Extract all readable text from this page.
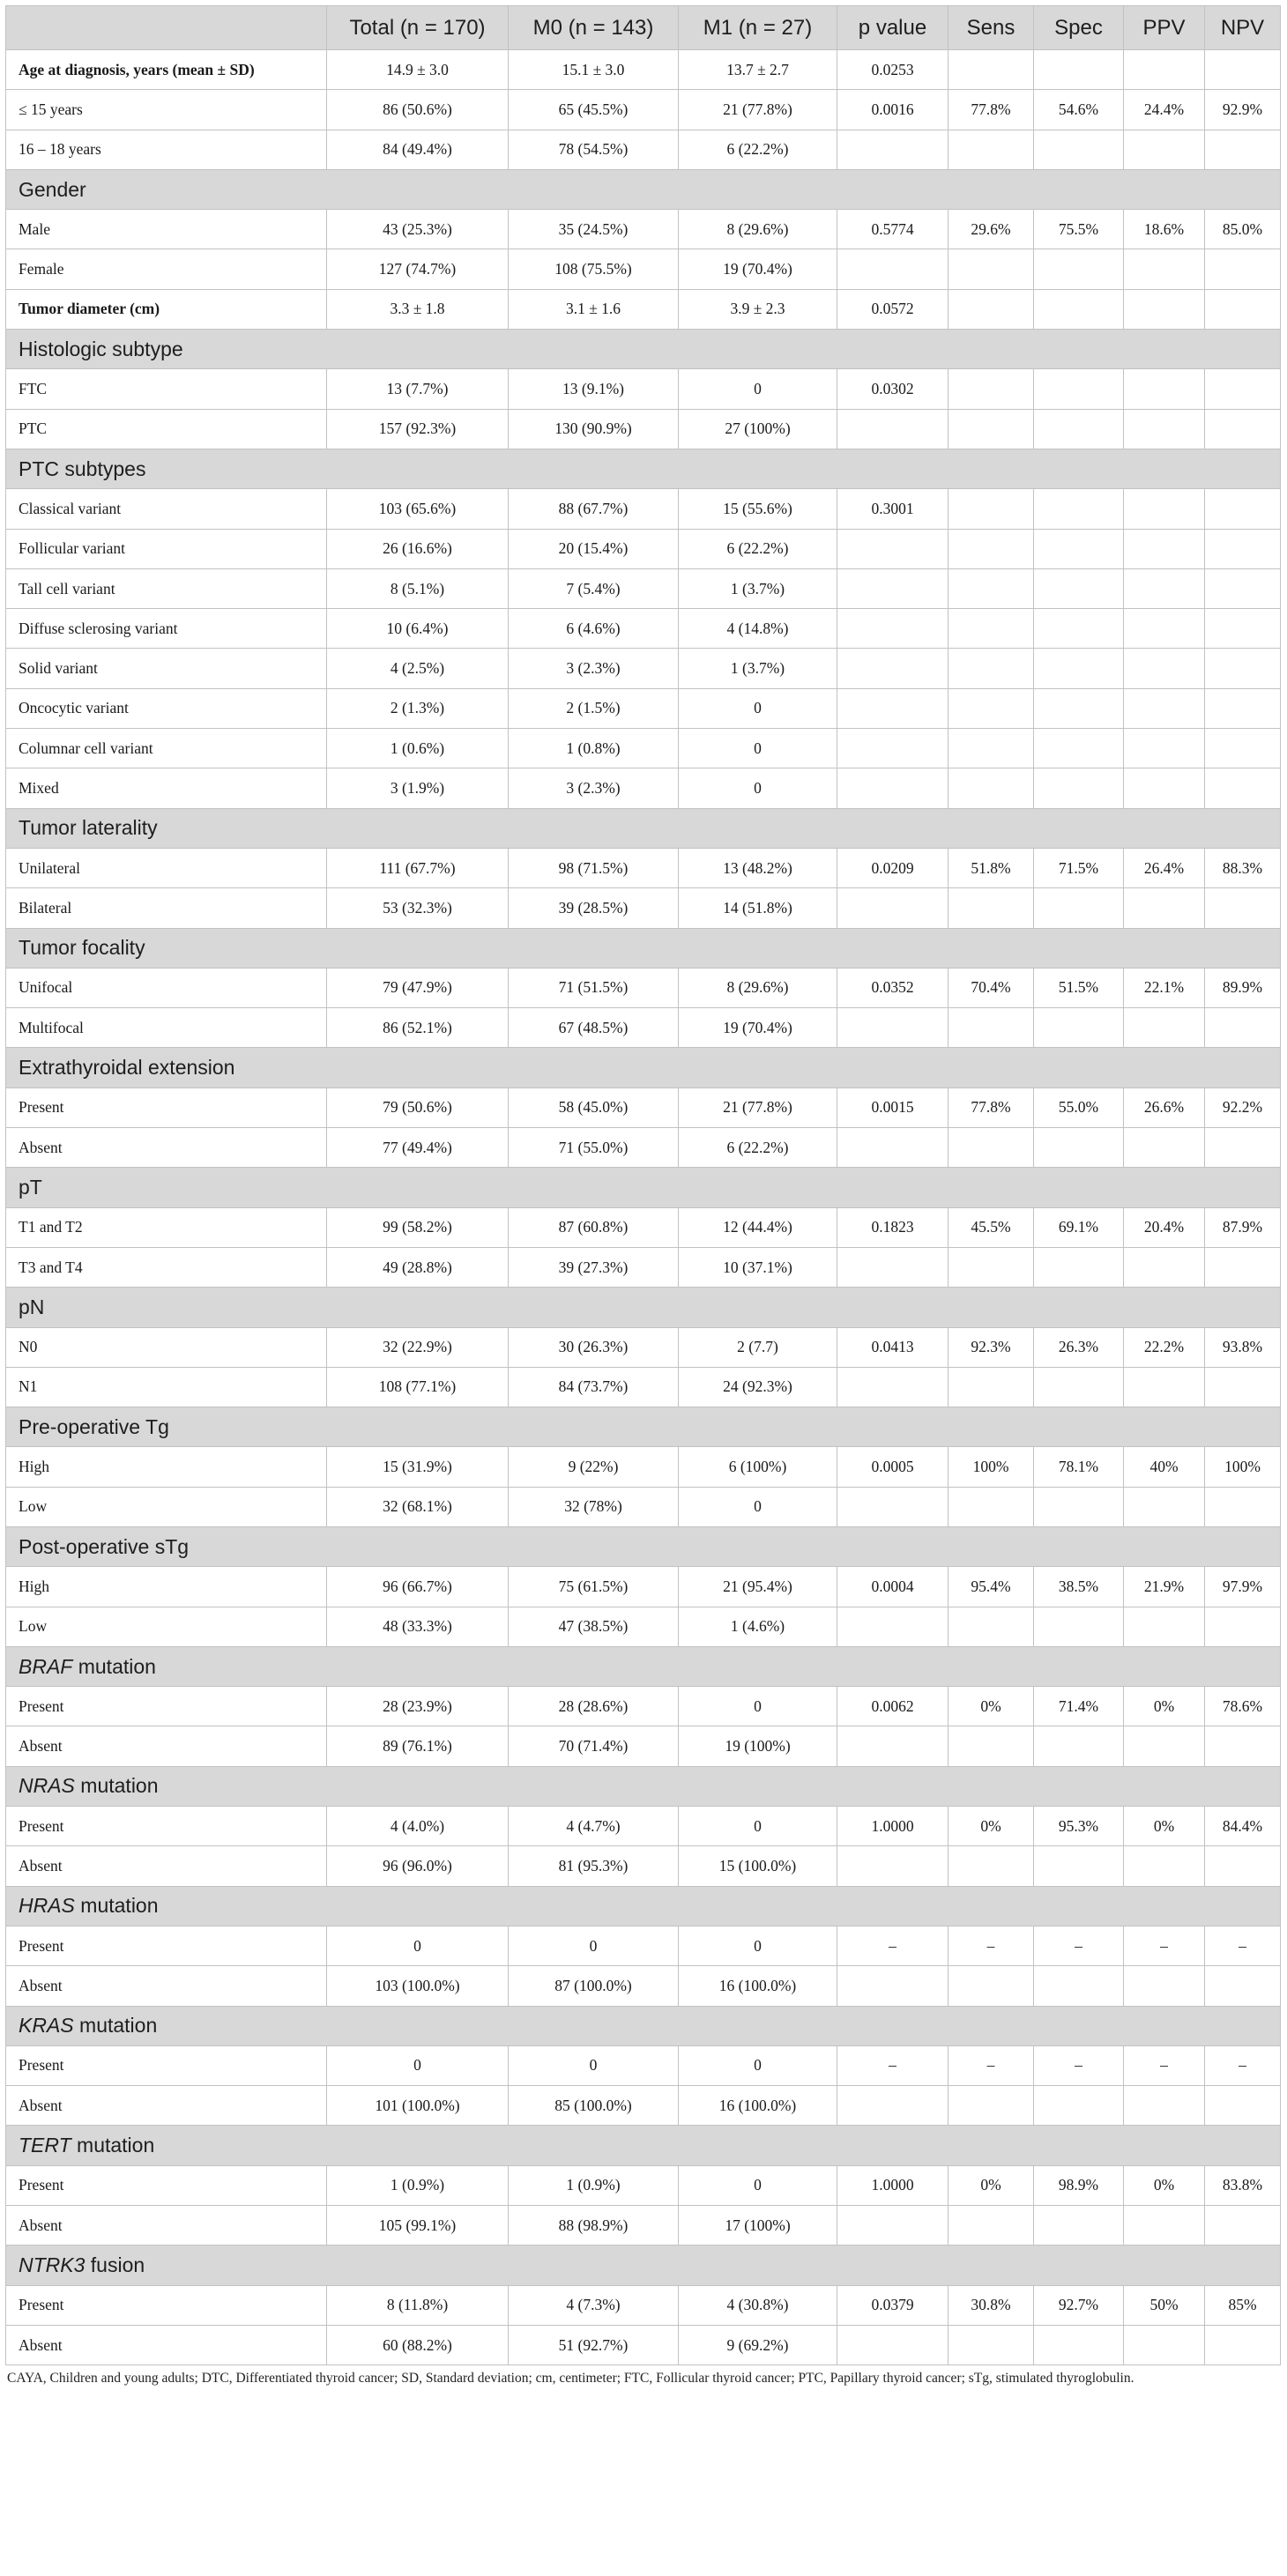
	Total (n = 170)	M0 (n = 143)	M1 (n = 27)	p value	Sens	Spec	PPV	NPV
Age at diagnosis, years (mean ± SD)	14.9 ± 3.0	15.1 ± 3.0	13.7 ± 2.7	0.0253				
≤ 15 years	86 (50.6%)	65 (45.5%)	21 (77.8%)	0.0016	77.8%	54.6%	24.4%	92.9%
16 – 18 years	84 (49.4%)	78 (54.5%)	6 (22.2%)					
Gender								
Male	43 (25.3%)	35 (24.5%)	8 (29.6%)	0.5774	29.6%	75.5%	18.6%	85.0%
Female	127 (74.7%)	108 (75.5%)	19 (70.4%)					
Tumor diameter (cm)	3.3 ± 1.8	3.1 ± 1.6	3.9 ± 2.3	0.0572				
Histologic subtype								
FTC	13 (7.7%)	13 (9.1%)	0	0.0302				
PTC	157 (92.3%)	130 (90.9%)	27 (100%)					
PTC subtypes								
Classical variant	103 (65.6%)	88 (67.7%)	15 (55.6%)	0.3001				
Follicular variant	26 (16.6%)	20 (15.4%)	6 (22.2%)					
Tall cell variant	8 (5.1%)	7 (5.4%)	1 (3.7%)					
Diffuse sclerosing variant	10 (6.4%)	6 (4.6%)	4 (14.8%)					
Solid variant	4 (2.5%)	3 (2.3%)	1 (3.7%)					
Oncocytic variant	2 (1.3%)	2 (1.5%)	0					
Columnar cell variant	1 (0.6%)	1 (0.8%)	0					
Mixed	3 (1.9%)	3 (2.3%)	0					
Tumor laterality								
Unilateral	111 (67.7%)	98 (71.5%)	13 (48.2%)	0.0209	51.8%	71.5%	26.4%	88.3%
Bilateral	53 (32.3%)	39 (28.5%)	14 (51.8%)					
Tumor focality								
Unifocal	79 (47.9%)	71 (51.5%)	8 (29.6%)	0.0352	70.4%	51.5%	22.1%	89.9%
Multifocal	86 (52.1%)	67 (48.5%)	19 (70.4%)					
Extrathyroidal extension								
Present	79 (50.6%)	58 (45.0%)	21 (77.8%)	0.0015	77.8%	55.0%	26.6%	92.2%
Absent	77 (49.4%)	71 (55.0%)	6 (22.2%)					
pT								
T1 and T2	99 (58.2%)	87 (60.8%)	12 (44.4%)	0.1823	45.5%	69.1%	20.4%	87.9%
T3 and T4	49 (28.8%)	39 (27.3%)	10 (37.1%)					
pN								
N0	32 (22.9%)	30 (26.3%)	2 (7.7)	0.0413	92.3%	26.3%	22.2%	93.8%
N1	108 (77.1%)	84 (73.7%)	24 (92.3%)					
Pre-operative Tg								
High	15 (31.9%)	9 (22%)	6 (100%)	0.0005	100%	78.1%	40%	100%
Low	32 (68.1%)	32 (78%)	0					
Post-operative sTg								
High	96 (66.7%)	75 (61.5%)	21 (95.4%)	0.0004	95.4%	38.5%	21.9%	97.9%
Low	48 (33.3%)	47 (38.5%)	1 (4.6%)					
BRAF mutation								
Present	28 (23.9%)	28 (28.6%)	0	0.0062	0%	71.4%	0%	78.6%
Absent	89 (76.1%)	70 (71.4%)	19 (100%)					
NRAS mutation								
Present	4 (4.0%)	4 (4.7%)	0	1.0000	0%	95.3%	0%	84.4%
Absent	96 (96.0%)	81 (95.3%)	15 (100.0%)					
HRAS mutation								
Present	0	0	0	–	–	–	–	–
Absent	103 (100.0%)	87 (100.0%)	16 (100.0%)					
KRAS mutation								
Present	0	0	0	–	–	–	–	–
Absent	101 (100.0%)	85 (100.0%)	16 (100.0%)					
TERT mutation								
Present	1 (0.9%)	1 (0.9%)	0	1.0000	0%	98.9%	0%	83.8%
Absent	105 (99.1%)	88 (98.9%)	17 (100%)					
NTRK3 fusion								
Present	8 (11.8%)	4 (7.3%)	4 (30.8%)	0.0379	30.8%	92.7%	50%	85%
Absent	60 (88.2%)	51 (92.7%)	9 (69.2%)					
CAYA, Children and young adults; DTC, Differentiated thyroid cancer; SD, Standard deviation; cm, centimeter; FTC, Follicular thyroid cancer; PTC, Papillary thyroid cancer; sTg, stimulated thyroglobulin.
